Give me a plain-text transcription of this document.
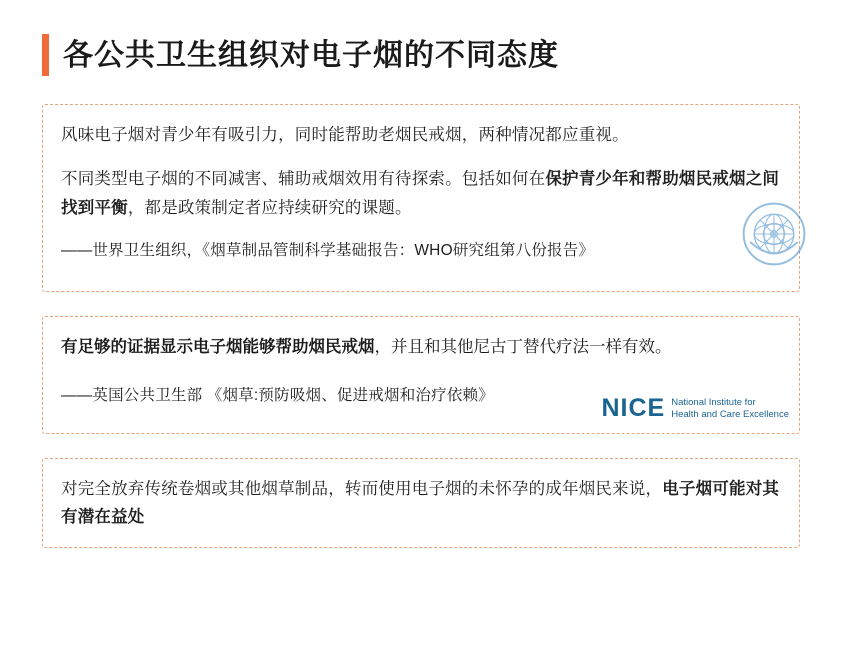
各公共卫生组织对电子烟的不同态度

风味电子烟对青少年有吸引力，同时能帮助老烟民戒烟，两种情况都应重视。

不同类型电子烟的不同减害、辅助戒烟效用有待探索。包括如何在保护青少年和帮助烟民戒烟之间找到平衡，都是政策制定者应持续研究的课题。

——世界卫生组织，《烟草制品管制科学基础报告：WHO研究组第八份报告》

有足够的证据显示电子烟能够帮助烟民戒烟，并且和其他尼古丁替代疗法一样有效。

——英国公共卫生部 《烟草:预防吸烟、促进戒烟和治疗依赖》	NICE National Institute for
Health and Care Excellence

对完全放弃传统卷烟或其他烟草制品，转而使用电子烟的未怀孕的成年烟民来说，电子烟可能对其有潜在益处
